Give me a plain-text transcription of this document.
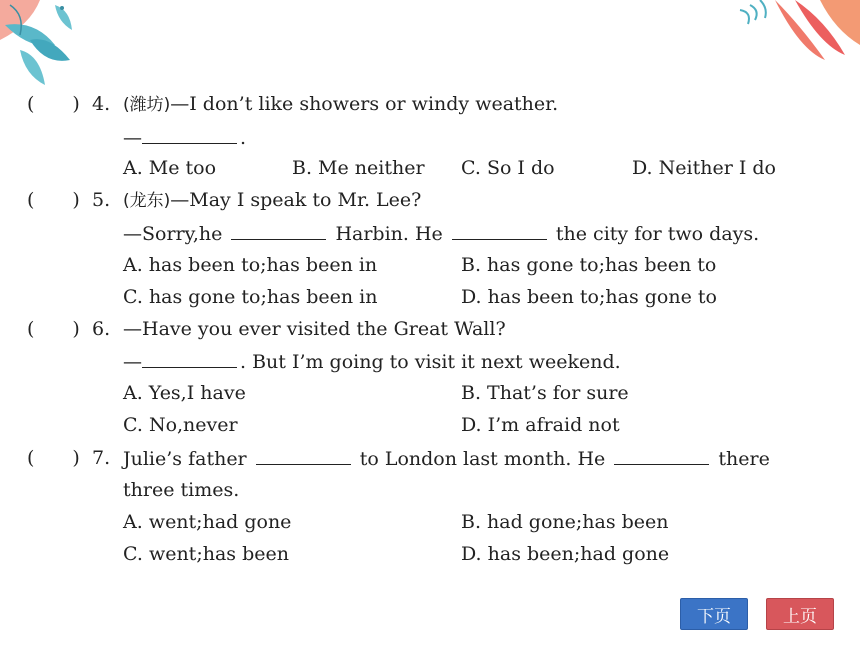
(　　) 4. (潍坊)—I don’t like showers or windy weather.
—	.
A. Me too	B. Me neither C. So I do	D. Neither I do
(　　) 5. (龙东)—May I speak to Mr. Lee?
—Sorry,he	Harbin. He	the city for two days.
A. has been to;has been in	B. has gone to;has been to
C. has gone to;has been in	D. has been to;has gone to
(　　) 6. —Have you ever visited the Great Wall?
—	. But I’m going to visit it next weekend.
A. Yes,I have	B. That’s for sure
C. No,never	D. I’m afraid not
(　　) 7. Julie’s father	to London last month. He	there
three times.
A. went;had gone	B. had gone;has been
C. went;has been	D. has been;had gone
下页	上页
